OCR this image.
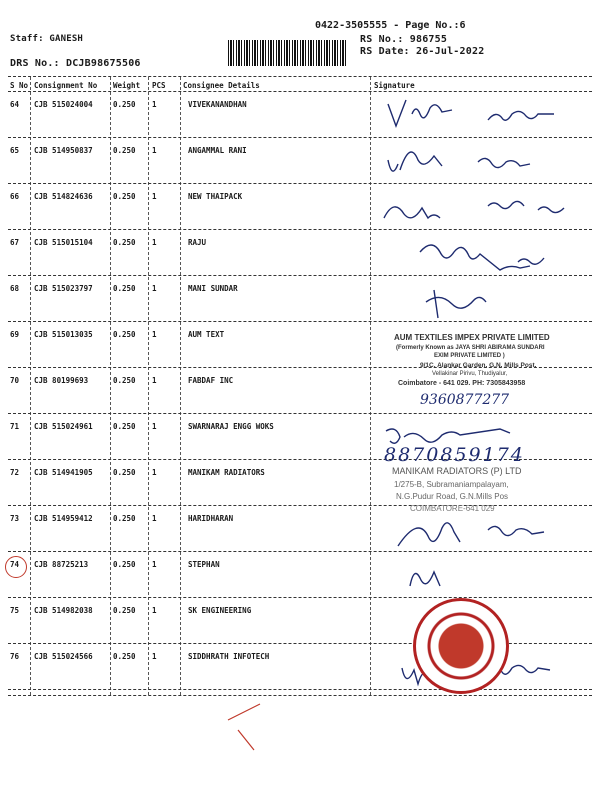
0422-3505555 - Page No.:6
Staff: GANESH
DRS No.: DCJB98675506
RS No.: 986755
RS Date: 26-Jul-2022
S No Consignment No Weight PCS Consignee Details	Signature
64 CJB 515024004	0.250 1	VIVEKANANDHAN
65 CJB 514950837	0.250 1	ANGAMMAL RANI
66 CJB 514824636	0.250 1	NEW THAIPACK
67 CJB 515015104	0.250 1	RAJU
68 CJB 515023797	0.250 1	MANI SUNDAR
69 CJB 515013035	0.250 1	AUM TEXT
70 CJB 80199693	0.250 1	FABDAF INC
71 CJB 515024961	0.250 1	SWARNARAJ ENGG WOKS
72 CJB 514941905	0.250 1	MANIKAM RADIATORS
73 CJB 514959412	0.250 1	HARIDHARAN
74 CJB 88725213	0.250 1	STEPHAN
75 CJB 514982038	0.250 1	SK ENGINEERING
76 CJB 515024566	0.250 1	SIDDHRATH INFOTECH
AUM TEXTILES IMPEX PRIVATE LIMITED
(Formerly Known as JAYA SHRI ABIRAMA SUNDARI
EXIM PRIVATE LIMITED )
9/1C, Alankar Garden, G.N. Mills Post,
Vellakinar Pirivu, Thudiyalur,
Coimbatore - 641 029. PH: 7305843958
9360877277
8870859174
MANIKAM RADIATORS (P) LTD
1/275-B, Subramaniampalayam,
N.G.Pudur Road, G.N.Mills Pos
COIMBATORE-641 029
